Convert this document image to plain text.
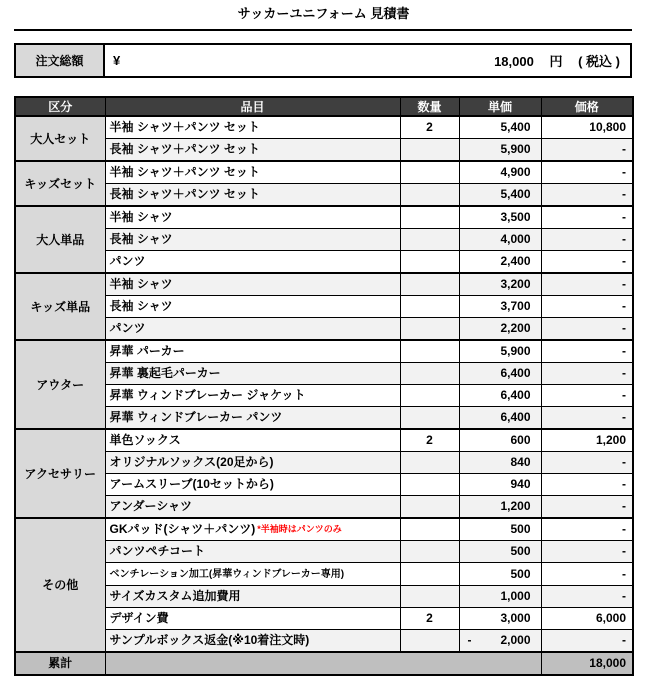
サッカーユニフォーム 見積書
注文総額	¥	18,000 円 ( 税込 )
区分	品目	数量	単価	価格
大人セット	半袖 シャツ＋パンツ セット	2	5,400	10,800
	長袖 シャツ＋パンツ セット		5,900	-
キッズセット	半袖 シャツ＋パンツ セット		4,900	-
	長袖 シャツ＋パンツ セット		5,400	-
大人単品	半袖 シャツ		3,500	-
	長袖 シャツ		4,000	-
	パンツ		2,400	-
キッズ単品	半袖 シャツ		3,200	-
	長袖 シャツ		3,700	-
	パンツ		2,200	-
アウター	昇華 パーカー		5,900	-
	昇華 裏起毛パーカー		6,400	-
	昇華 ウィンドブレーカー ジャケット		6,400	-
	昇華 ウィンドブレーカー パンツ		6,400	-
アクセサリー	単色ソックス	2	600	1,200
	オリジナルソックス(20足から)		840	-
	アームスリーブ(10セットから)		940	-
	アンダーシャツ		1,200	-
その他	GKパッド(シャツ＋パンツ) *半袖時はパンツのみ		500	-
	パンツペチコート		500	-
	ベンチレーション加工(昇華ウィンドブレーカー専用)		500	-
	サイズカスタム追加費用		1,000	-
	デザイン費	2	3,000	6,000
	サンプルボックス返金(※10着注文時)		- 2,000	-
累計				18,000
